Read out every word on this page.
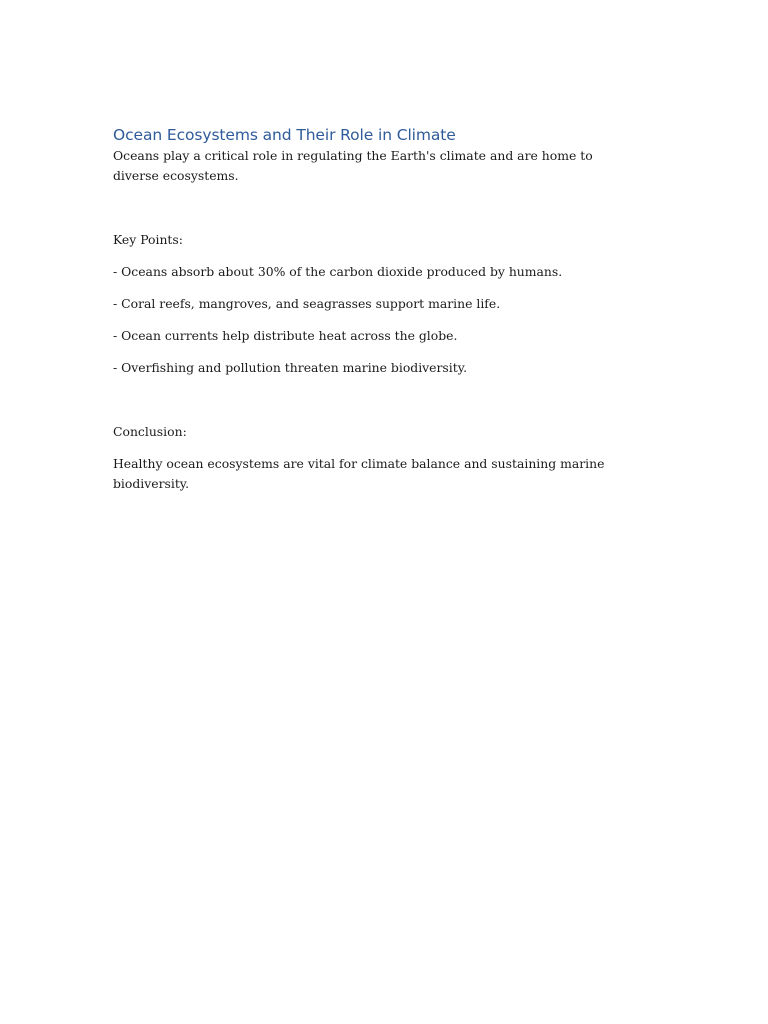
Ocean Ecosystems and Their Role in Climate

Oceans play a critical role in regulating the Earth's climate and are home to diverse ecosystems.

Key Points:

- Oceans absorb about 30% of the carbon dioxide produced by humans.

- Coral reefs, mangroves, and seagrasses support marine life.

- Ocean currents help distribute heat across the globe.

- Overfishing and pollution threaten marine biodiversity.

Conclusion:

Healthy ocean ecosystems are vital for climate balance and sustaining marine biodiversity.
